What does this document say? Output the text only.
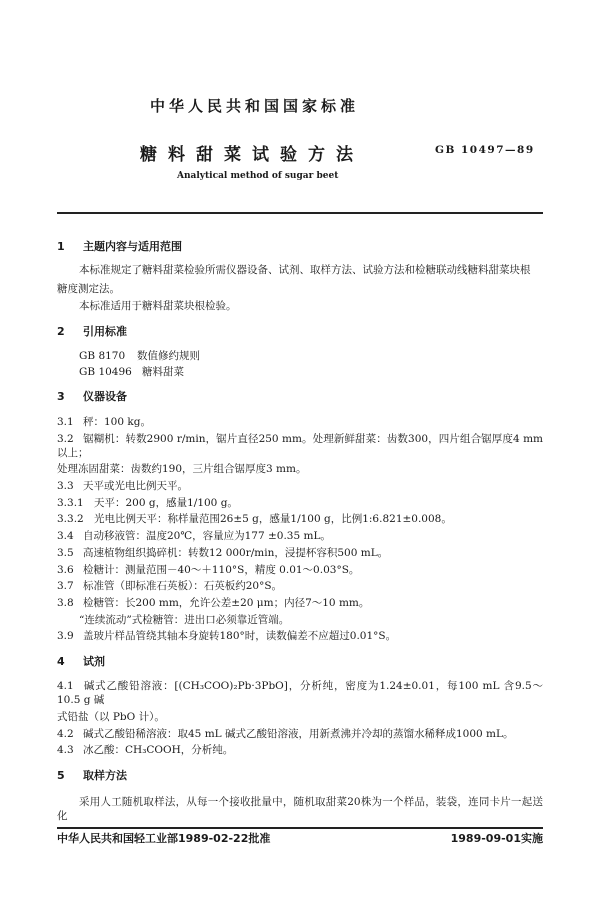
中华人民共和国国家标准
糖料甜菜试验方法	GB 10497—89
Analytical method of sugar beet
1 主题内容与适用范围
本标准规定了糖料甜菜检验所需仪器设备、试剂、取样方法、试验方法和检糖联动线糖料甜菜块根
糖度测定法。
本标准适用于糖料甜菜块根检验。
2 引用标准
GB 8170 数值修约规则
GB 10496 糖料甜菜
3 仪器设备
3.1 秤：100 kg。
3.2 锯糊机：转数2900 r/min，锯片直径250 mm。处理新鲜甜菜：齿数300，四片组合锯厚度4 mm 以上；
处理冻固甜菜：齿数约190，三片组合锯厚度3 mm。
3.3 天平或光电比例天平。
3.3.1 天平：200 g，感量1/100 g。
3.3.2 光电比例天平：称样量范围26±5 g，感量1/100 g，比例1:6.821±0.008。
3.4 自动移液管：温度20℃，容量应为177 ±0.35 mL。
3.5 高速植物组织捣碎机：转数12 000r/min，浸提杯容积500 mL。
3.6 检糖计：测量范围－40～＋110°S，精度 0.01～0.03°S。
3.7 标准管（即标准石英板）：石英板约20°S。
3.8 检糖管：长200 mm，允许公差±20 μm；内径7～10 mm。
“连续流动”式检糖管：进出口必须靠近管端。
3.9 盖玻片样品管绕其轴本身旋转180°时，读数偏差不应超过0.01°S。
4 试剂
4.1 碱式乙酸铅溶液：[(CH₃COO)₂Pb·3PbO]，分析纯，密度为1.24±0.01，每100 mL 含9.5～10.5 g 碱
式铅盐（以 PbO 计）。
4.2 碱式乙酸铅稀溶液：取45 mL 碱式乙酸铅溶液，用新煮沸并冷却的蒸馏水稀释成1000 mL。
4.3 冰乙酸：CH₃COOH，分析纯。
5 取样方法
采用人工随机取样法，从每一个接收批量中，随机取甜菜20株为一个样品，装袋，连同卡片一起送化
中华人民共和国轻工业部1989-02-22批准	1989-09-01实施
